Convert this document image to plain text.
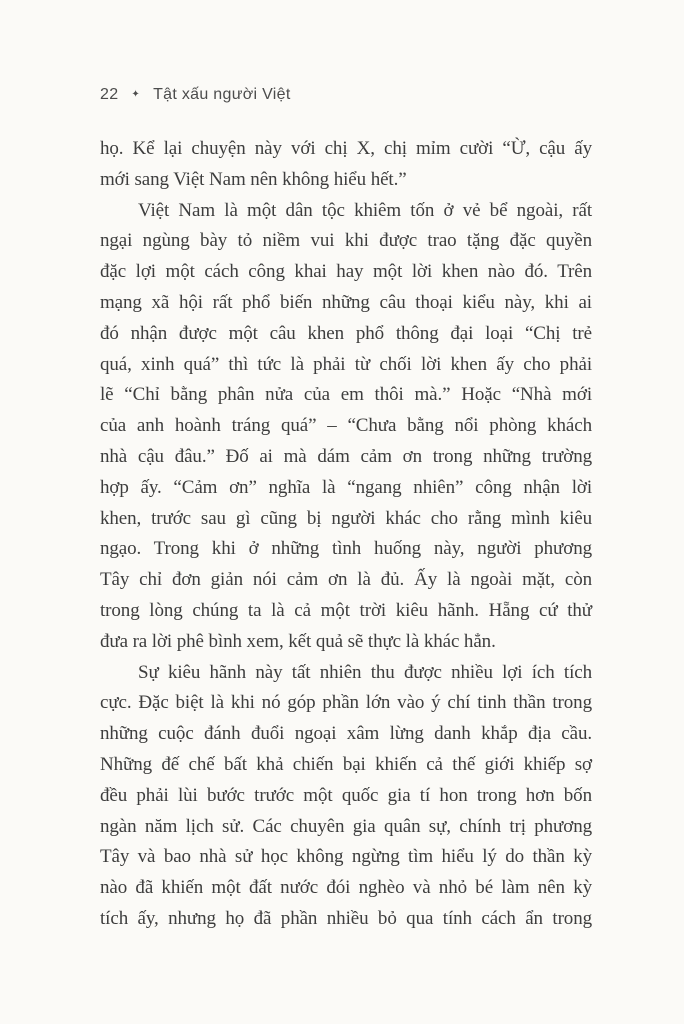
22 ✦ Tật xấu người Việt
họ. Kể lại chuyện này với chị X, chị mỉm cười “Ừ, cậu ấy
mới sang Việt Nam nên không hiểu hết.”
Việt Nam là một dân tộc khiêm tốn ở vẻ bể ngoài, rất
ngại ngùng bày tỏ niềm vui khi được trao tặng đặc quyền
đặc lợi một cách công khai hay một lời khen nào đó. Trên
mạng xã hội rất phổ biến những câu thoại kiểu này, khi ai
đó nhận được một câu khen phổ thông đại loại “Chị trẻ
quá, xinh quá” thì tức là phải từ chối lời khen ấy cho phải
lẽ “Chỉ bằng phân nửa của em thôi mà.” Hoặc “Nhà mới
của anh hoành tráng quá” – “Chưa bằng nổi phòng khách
nhà cậu đâu.” Đố ai mà dám cảm ơn trong những trường
hợp ấy. “Cảm ơn” nghĩa là “ngang nhiên” công nhận lời
khen, trước sau gì cũng bị người khác cho rằng mình kiêu
ngạo. Trong khi ở những tình huống này, người phương
Tây chỉ đơn giản nói cảm ơn là đủ. Ấy là ngoài mặt, còn
trong lòng chúng ta là cả một trời kiêu hãnh. Hẵng cứ thử
đưa ra lời phê bình xem, kết quả sẽ thực là khác hẳn.
Sự kiêu hãnh này tất nhiên thu được nhiều lợi ích tích
cực. Đặc biệt là khi nó góp phần lớn vào ý chí tinh thần trong
những cuộc đánh đuổi ngoại xâm lừng danh khắp địa cầu.
Những đế chế bất khả chiến bại khiến cả thế giới khiếp sợ
đều phải lùi bước trước một quốc gia tí hon trong hơn bốn
ngàn năm lịch sử. Các chuyên gia quân sự, chính trị phương
Tây và bao nhà sử học không ngừng tìm hiểu lý do thần kỳ
nào đã khiến một đất nước đói nghèo và nhỏ bé làm nên kỳ
tích ấy, nhưng họ đã phần nhiều bỏ qua tính cách ẩn trong
